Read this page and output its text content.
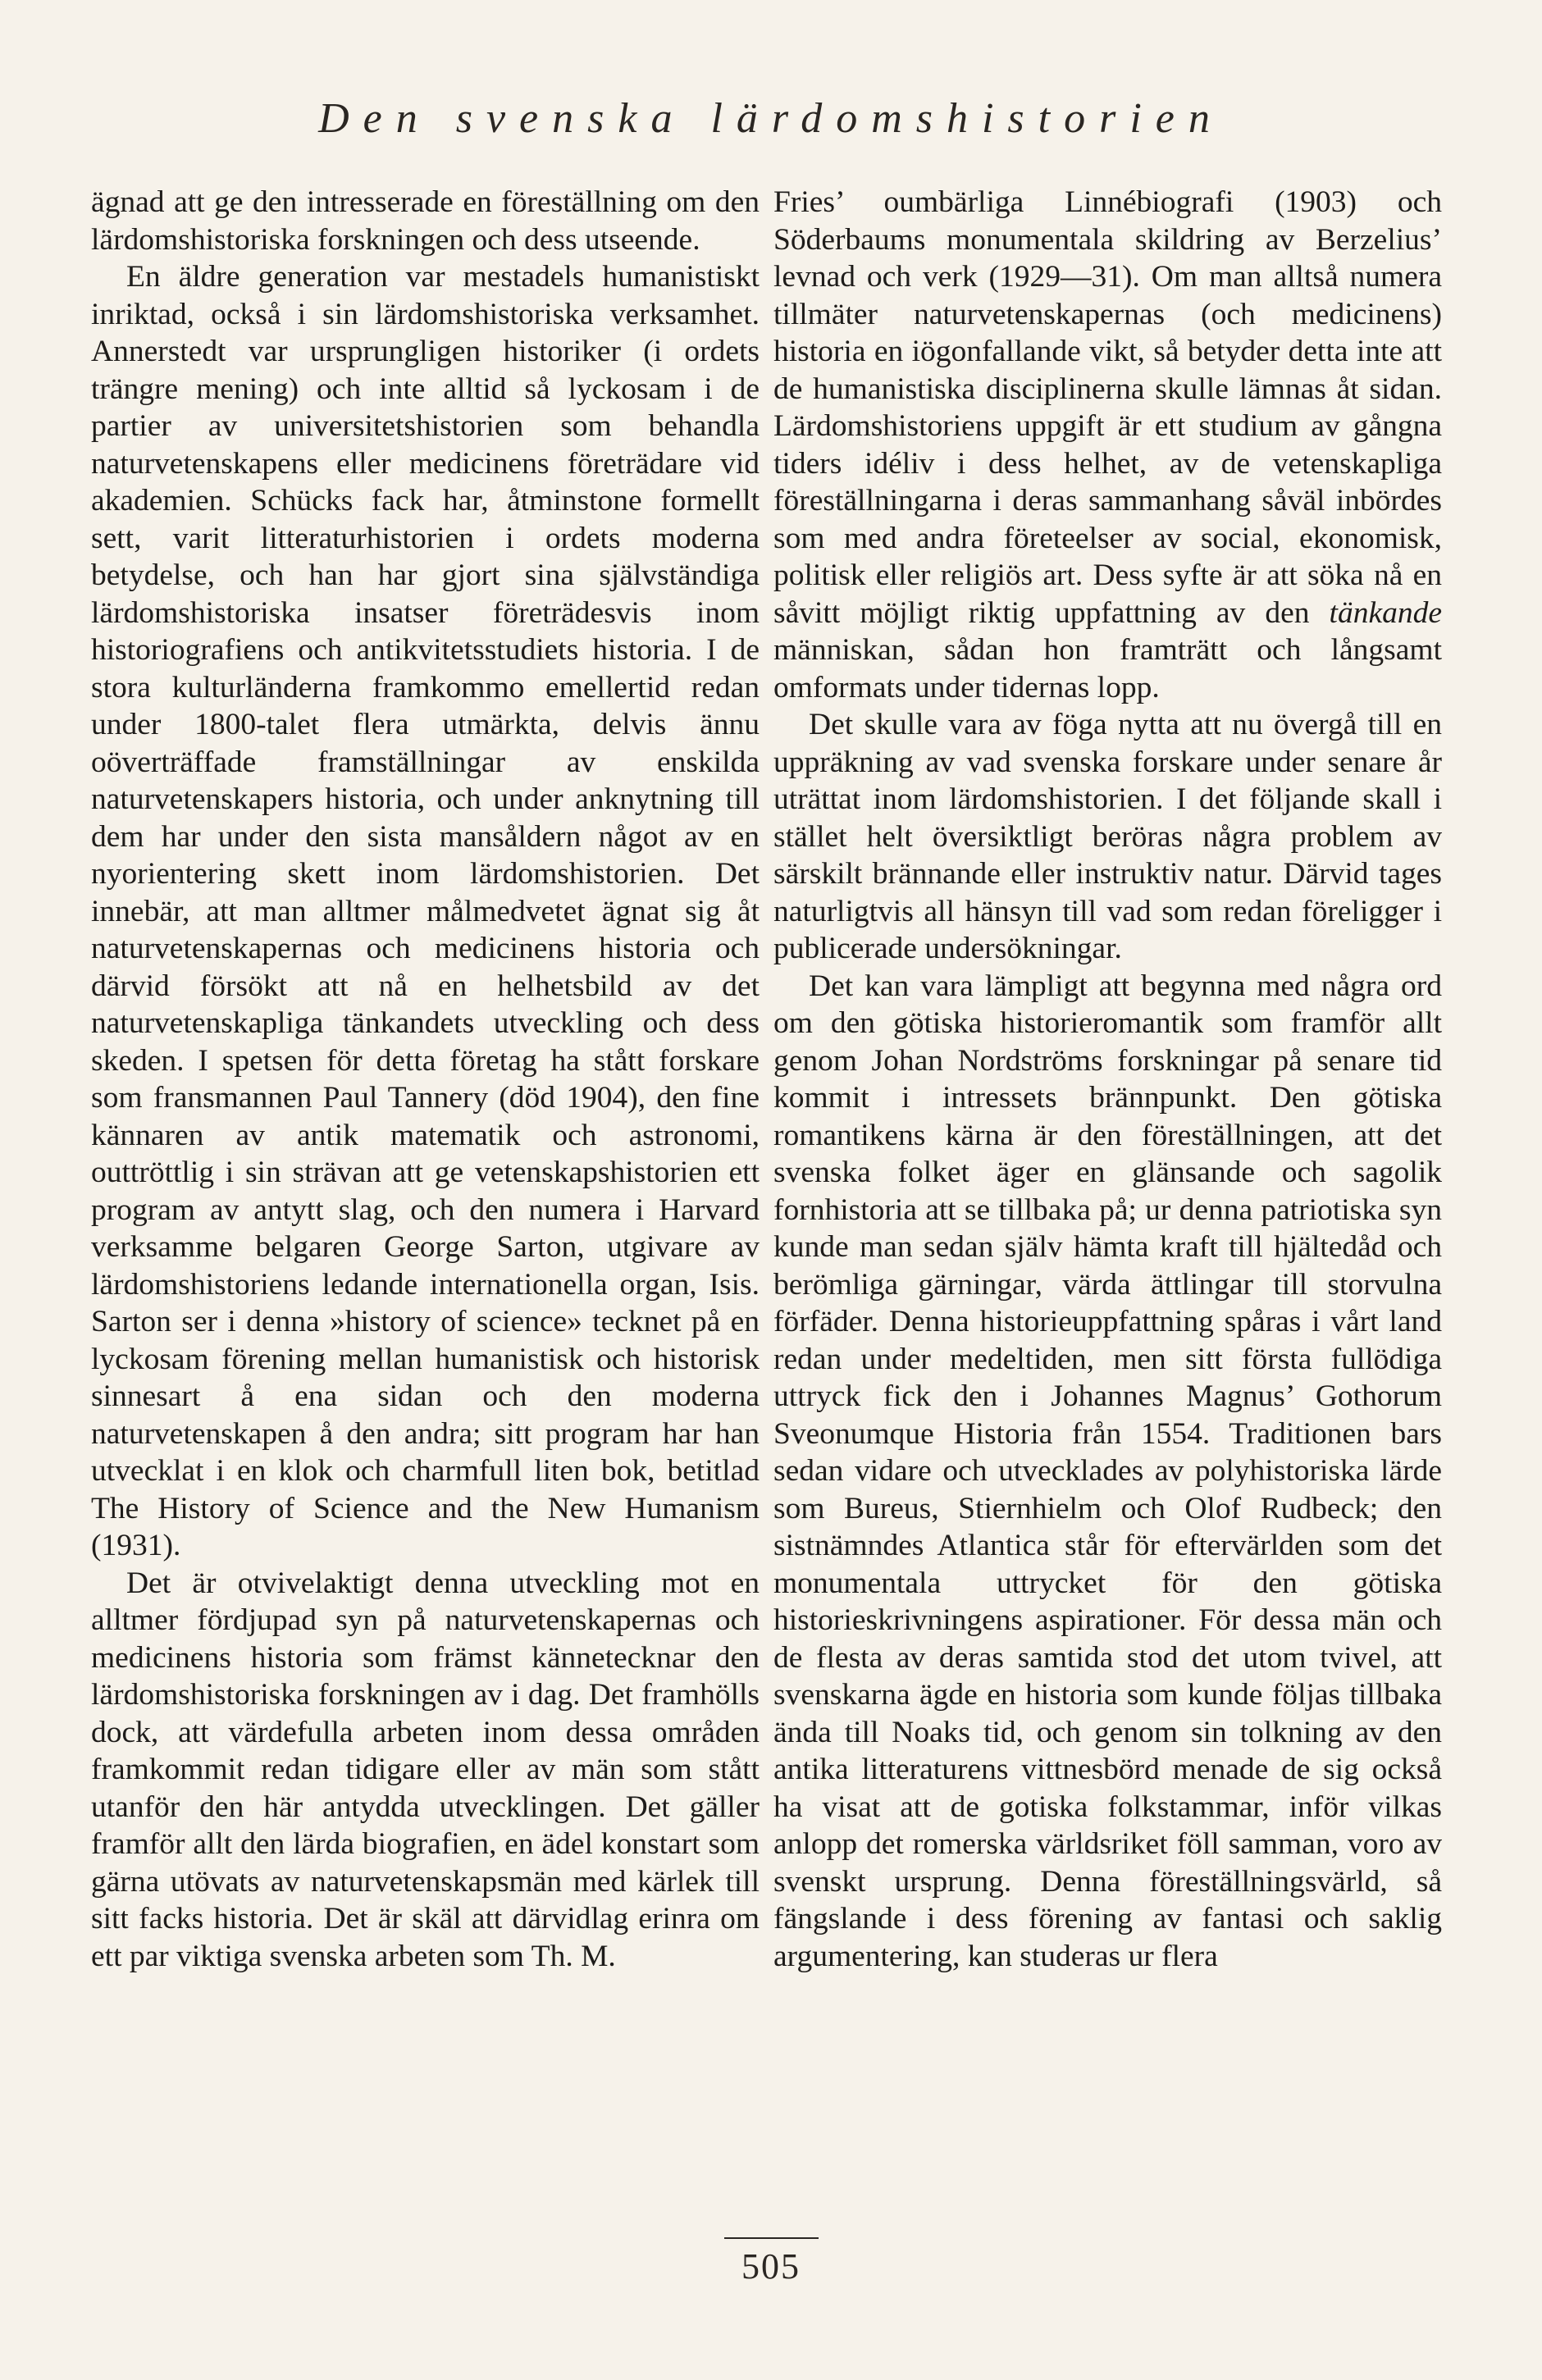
Den svenska lärdomshistorien

ägnad att ge den intresserade en föreställning om den lärdomshistoriska forskningen och dess utseende.

En äldre generation var mestadels humanistiskt inriktad, också i sin lärdomshistoriska verksamhet. Annerstedt var ursprungligen historiker (i ordets trängre mening) och inte alltid så lyckosam i de partier av universitetshistorien som behandla naturvetenskapens eller medicinens företrädare vid akademien. Schücks fack har, åtminstone formellt sett, varit litteraturhistorien i ordets moderna betydelse, och han har gjort sina självständiga lärdomshistoriska insatser företrädesvis inom historiografiens och antikvitetsstudiets historia. I de stora kulturländerna framkommo emellertid redan under 1800-talet flera utmärkta, delvis ännu oöverträffade framställningar av enskilda naturvetenskapers historia, och under anknytning till dem har under den sista mansåldern något av en nyorientering skett inom lärdomshistorien. Det innebär, att man alltmer målmedvetet ägnat sig åt naturvetenskapernas och medicinens historia och därvid försökt att nå en helhetsbild av det naturvetenskapliga tänkandets utveckling och dess skeden. I spetsen för detta företag ha stått forskare som fransmannen Paul Tannery (död 1904), den fine kännaren av antik matematik och astronomi, outtröttlig i sin strävan att ge vetenskapshistorien ett program av antytt slag, och den numera i Harvard verksamme belgaren George Sarton, utgivare av lärdomshistoriens ledande internationella organ, Isis. Sarton ser i denna »history of science» tecknet på en lyckosam förening mellan humanistisk och historisk sinnesart å ena sidan och den moderna naturvetenskapen å den andra; sitt program har han utvecklat i en klok och charmfull liten bok, betitlad The History of Science and the New Humanism (1931).

Det är otvivelaktigt denna utveckling mot en alltmer fördjupad syn på naturvetenskapernas och medicinens historia som främst kännetecknar den lärdomshistoriska forskningen av i dag. Det framhölls dock, att värdefulla arbeten inom dessa områden framkommit redan tidigare eller av män som stått utanför den här antydda utvecklingen. Det gäller framför allt den lärda biografien, en ädel konstart som gärna utövats av naturvetenskapsmän med kärlek till sitt facks historia. Det är skäl att därvidlag erinra om ett par viktiga svenska arbeten som Th. M.

Fries’ oumbärliga Linnébiografi (1903) och Söderbaums monumentala skildring av Berzelius’ levnad och verk (1929—31). Om man alltså numera tillmäter naturvetenskapernas (och medicinens) historia en iögonfallande vikt, så betyder detta inte att de humanistiska disciplinerna skulle lämnas åt sidan. Lärdomshistoriens uppgift är ett studium av gångna tiders idéliv i dess helhet, av de vetenskapliga föreställningarna i deras sammanhang såväl inbördes som med andra företeelser av social, ekonomisk, politisk eller religiös art. Dess syfte är att söka nå en såvitt möjligt riktig uppfattning av den tänkande människan, sådan hon framträtt och långsamt omformats under tidernas lopp.

Det skulle vara av föga nytta att nu övergå till en uppräkning av vad svenska forskare under senare år uträttat inom lärdomshistorien. I det följande skall i stället helt översiktligt beröras några problem av särskilt brännande eller instruktiv natur. Därvid tages naturligtvis all hänsyn till vad som redan föreligger i publicerade undersökningar.

Det kan vara lämpligt att begynna med några ord om den götiska historieromantik som framför allt genom Johan Nordströms forskningar på senare tid kommit i intressets brännpunkt. Den götiska romantikens kärna är den föreställningen, att det svenska folket äger en glänsande och sagolik fornhistoria att se tillbaka på; ur denna patriotiska syn kunde man sedan själv hämta kraft till hjältedåd och berömliga gärningar, värda ättlingar till storvulna förfäder. Denna historieuppfattning spåras i vårt land redan under medeltiden, men sitt första fullödiga uttryck fick den i Johannes Magnus’ Gothorum Sveonumque Historia från 1554. Traditionen bars sedan vidare och utvecklades av polyhistoriska lärde som Bureus, Stiernhielm och Olof Rudbeck; den sistnämndes Atlantica står för eftervärlden som det monumentala uttrycket för den götiska historieskrivningens aspirationer. För dessa män och de flesta av deras samtida stod det utom tvivel, att svenskarna ägde en historia som kunde följas tillbaka ända till Noaks tid, och genom sin tolkning av den antika litteraturens vittnesbörd menade de sig också ha visat att de gotiska folkstammar, inför vilkas anlopp det romerska världsriket föll samman, voro av svenskt ursprung. Denna föreställningsvärld, så fängslande i dess förening av fantasi och saklig argumentering, kan studeras ur flera

505
